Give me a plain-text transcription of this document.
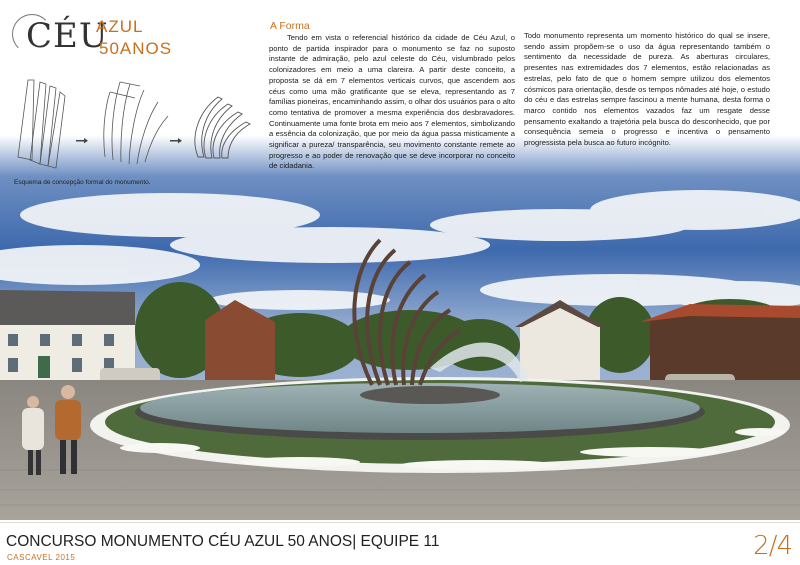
CÉU
AZUL
50ANOS
Esquema de concepção formal do monumento.
A Forma
Tendo em vista o referencial histórico da cidade de Céu Azul, o ponto de partida inspirador para o monumento se faz no suposto instante de admiração, pelo azul celeste do Céu, vislumbrado pelos colonizadores em meio a uma clareira. A partir deste conceito, a proposta se dá em 7 elementos verticais curvos, que ascendem aos céus como uma mão gratificante que se eleva, representando as 7 famílias pioneiras, encaminhando assim, o olhar dos usuários para o alto como tentativa de promover a mesma experiência dos desbravadores. Continuamente uma fonte brota em meio aos 7 elementos, simbolizando a essência da colonização, que por meio da água passa misticamente a significar a pureza/ transparência, seu movimento constante remete ao progresso e ao poder de renovação que se deve incorporar no conceito de cidadania.
Todo monumento representa um momento histórico do qual se insere, sendo assim propõem-se o uso da água representando também o sentimento da necessidade de pureza. As aberturas circulares, presentes nas extremidades dos 7 elementos, estão relacionadas as estrelas, pelo fato de que o homem sempre utilizou dos elementos cósmicos para orientação, desde os tempos nômades até hoje, o estudo do céu e das estrelas sempre fascinou a mente humana, desta forma o marco contido nos elementos vazados faz um resgate desse pensamento exaltando a trajetória pela busca do desconhecido, que por consequência semeia o progresso e incentiva o pensamento progressista pela busca ao futuro incógnito.
CONCURSO MONUMENTO CÉU AZUL 50 ANOS| EQUIPE 11
CASCAVEL 2015	2/4
